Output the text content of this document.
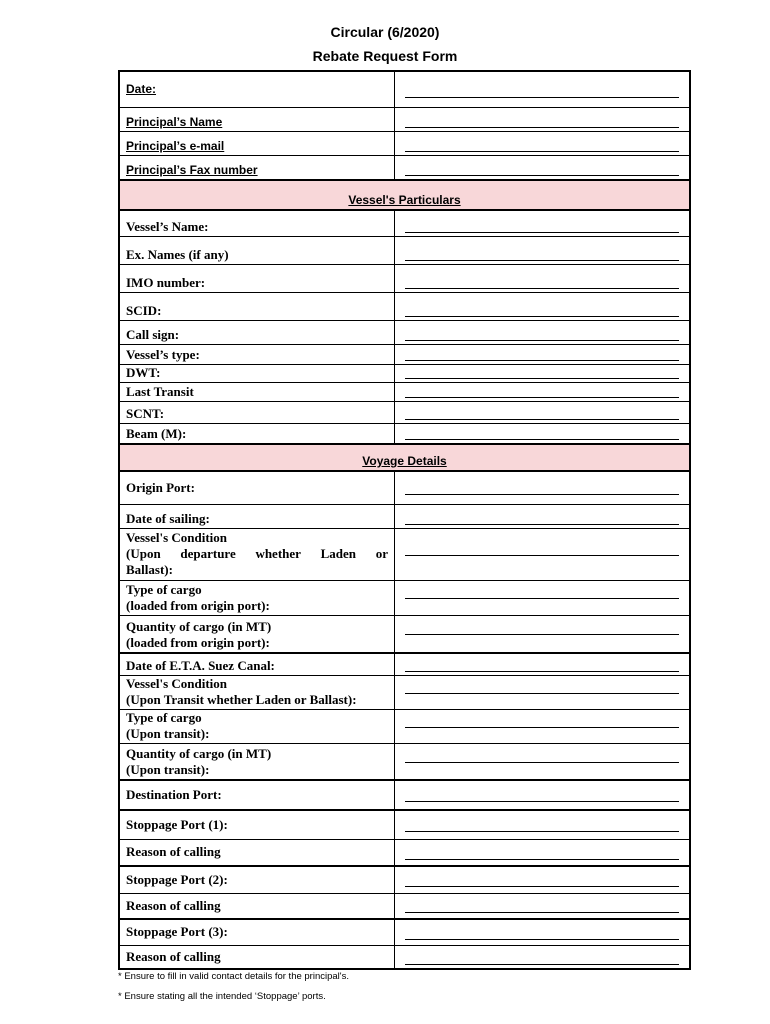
Circular (6/2020)
Rebate Request Form
Date:
Principal’s Name
Principal’s e-mail
Principal’s Fax number
Vessel's Particulars
Vessel’s Name:
Ex. Names (if any)
IMO number:
SCID:
Call sign:
Vessel’s type:
DWT:
Last Transit
SCNT:
Beam (M):
Voyage Details
Origin Port:
Date of sailing:
Vessel's Condition
(Upon departure whether Laden or
Ballast):
Type of cargo
(loaded from origin port):
Quantity of cargo (in MT)
(loaded from origin port):
Date of E.T.A. Suez Canal:
Vessel's Condition
(Upon Transit whether Laden or Ballast):
Type of cargo
(Upon transit):
Quantity of cargo (in MT)
(Upon transit):
Destination Port:
Stoppage Port (1):
Reason of calling
Stoppage Port (2):
Reason of calling
Stoppage Port (3):
Reason of calling
* Ensure to fill in valid contact details for the principal's.
* Ensure stating all the intended ‘Stoppage’ ports.
